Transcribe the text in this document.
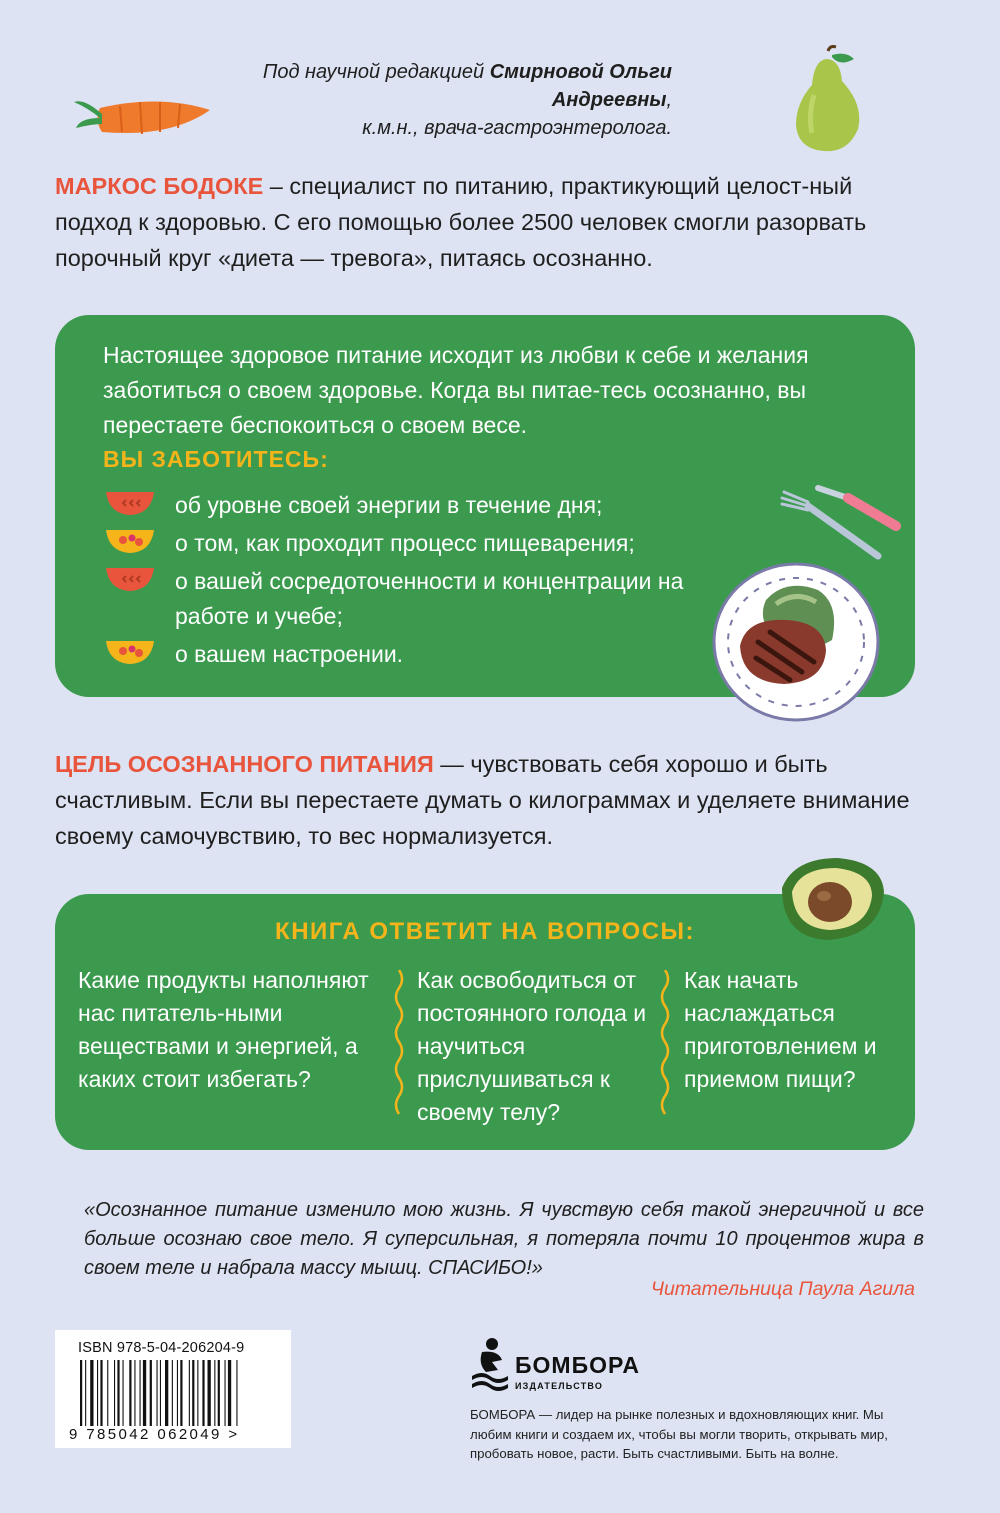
Под научной редакцией Смирновой Ольги Андреевны,
к.м.н., врача-гастроэнтеролога.
МАРКОС БОДОКЕ – специалист по питанию, практикующий целост-ный подход к здоровью. С его помощью более 2500 человек смогли разорвать порочный круг «диета — тревога», питаясь осознанно.
Настоящее здоровое питание исходит из любви к себе и желания заботиться о своем здоровье. Когда вы питае-тесь осознанно, вы перестаете беспокоиться о своем весе.
ВЫ ЗАБОТИТЕСЬ:
об уровне своей энергии в течение дня;
о том, как проходит процесс пищеварения;
о вашей сосредоточенности и концентрации на работе и учебе;
о вашем настроении.
ЦЕЛЬ ОСОЗНАННОГО ПИТАНИЯ — чувствовать себя хорошо и быть счастливым. Если вы перестаете думать о килограммах и уделяете внимание своему самочувствию, то вес нормализуется.
КНИГА ОТВЕТИТ НА ВОПРОСЫ:
Какие продукты наполняют нас питатель-ными веществами и энергией, а каких стоит избегать?
Как освободиться от постоянного голода и научиться прислушиваться к своему телу?
Как начать наслаждаться приготовлением и приемом пищи?
«Осознанное питание изменило мою жизнь. Я чувствую себя такой энергичной и все больше осознаю свое тело. Я суперсильная, я потеряла почти 10 процентов жира в своем теле и набрала массу мышц. СПАСИБО!»
Читательница Паула Агила
ISBN 978-5-04-206204-9
9 785042 062049 >
БОМБОРА
ИЗДАТЕЛЬСТВО
БОМБОРА — лидер на рынке полезных и вдохновляющих книг. Мы любим книги и создаем их, чтобы вы могли творить, открывать мир, пробовать новое, расти. Быть счастливыми. Быть на волне.
